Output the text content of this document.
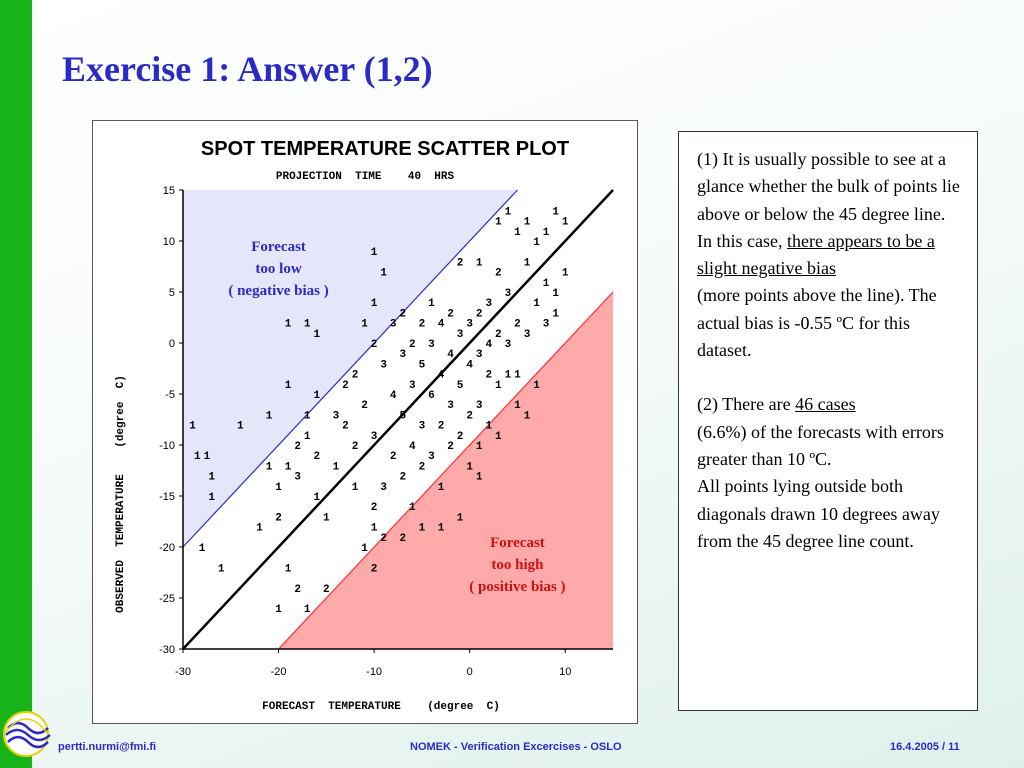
Exercise 1: Answer (1,2)
SPOT TEMPERATURE SCATTER PLOT
PROJECTION  TIME    40  HRS
FORECAST  TEMPERATURE    (degree  C)
OBSERVED  TEMPERATURE    (degree  C)
15
10
5
0
-5
-10
-15
-20
-25
-30
-30	-20	-10	0	10
1
1 1
1
1
1
1
1
1
1
1
1
2
1
1
3
2
1
1
1
2
1
1
2
1
1
1 1
1
1
2
3
1
2
2
2
2
1
1
2
1
1
2
3
2
1
2
1
3
3
2
3
4
2
2
3
5
2
2
2
3
4
1
2
5
3
2
1
3
6
3
4
4
2
1
2
4
3
2
3
5
2
1
3
4
2
1
2
3
3
1
3
4
2
1
2
2
1
1
3
3
1
1
2
1
1
1
1
3
1
1
1
1
1
3
1
1
1
1
1
2 1
1
1
1
1
1
1
1
Forecast
too low
( negative bias )
Forecast
too high
( positive bias )

(1) It is usually possible to see at a glance whether the bulk of points lie above or below the 45 degree line.
In this case, there appears to be a slight negative bias
(more points above the line). The actual bias is -0.55 ºC for this dataset.

(2) There are 46 cases
(6.6%) of the forecasts with errors greater than 10 ºC.
All points lying outside both diagonals drawn 10 degrees away from the 45 degree line count.

pertti.nurmi@fmi.fi	NOMEK - Verification Excercises - OSLO	16.4.2005 / 11
